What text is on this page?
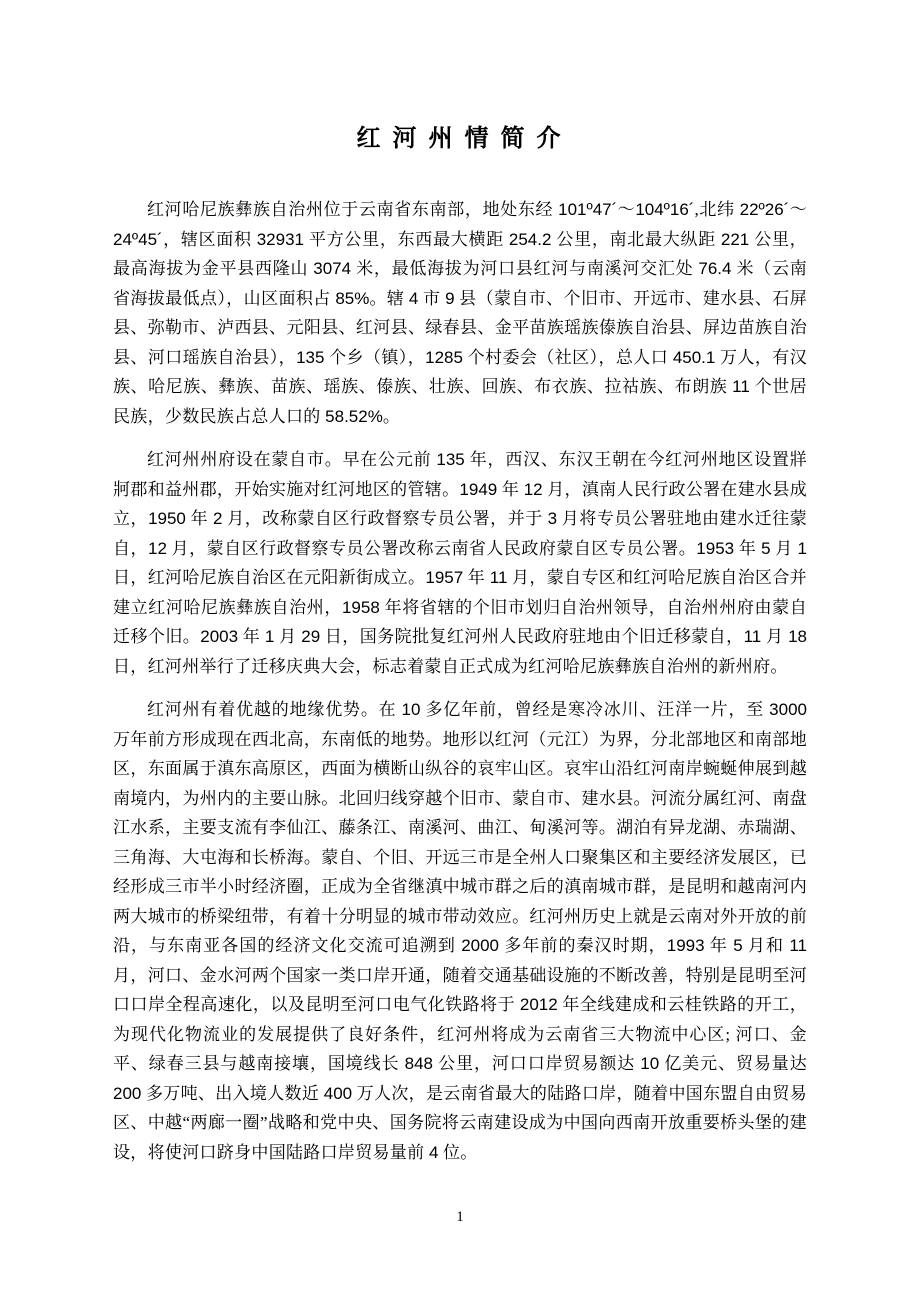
红 河 州 情 简 介

红河哈尼族彝族自治州位于云南省东南部，地处东经 101º47´～104º16´,北纬 22º26´～24º45´，辖区面积 32931 平方公里，东西最大横距 254.2 公里，南北最大纵距 221 公里，最高海拔为金平县西隆山 3074 米，最低海拔为河口县红河与南溪河交汇处 76.4 米（云南省海拔最低点），山区面积占 85%。辖 4 市 9 县（蒙自市、个旧市、开远市、建水县、石屏县、弥勒市、泸西县、元阳县、红河县、绿春县、金平苗族瑶族傣族自治县、屏边苗族自治县、河口瑶族自治县），135 个乡（镇），1285 个村委会（社区），总人口 450.1 万人，有汉族、哈尼族、彝族、苗族、瑶族、傣族、壮族、回族、布衣族、拉祜族、布朗族 11 个世居民族，少数民族占总人口的 58.52%。

红河州州府设在蒙自市。早在公元前 135 年，西汉、东汉王朝在今红河州地区设置牂牁郡和益州郡，开始实施对红河地区的管辖。1949 年 12 月，滇南人民行政公署在建水县成立，1950 年 2 月，改称蒙自区行政督察专员公署，并于 3 月将专员公署驻地由建水迁往蒙自，12 月，蒙自区行政督察专员公署改称云南省人民政府蒙自区专员公署。1953 年 5 月 1 日，红河哈尼族自治区在元阳新街成立。1957 年 11 月，蒙自专区和红河哈尼族自治区合并建立红河哈尼族彝族自治州，1958 年将省辖的个旧市划归自治州领导，自治州州府由蒙自迁移个旧。2003 年 1 月 29 日，国务院批复红河州人民政府驻地由个旧迁移蒙自，11 月 18 日，红河州举行了迁移庆典大会，标志着蒙自正式成为红河哈尼族彝族自治州的新州府。

红河州有着优越的地缘优势。在 10 多亿年前，曾经是寒冷冰川、汪洋一片，至 3000 万年前方形成现在西北高，东南低的地势。地形以红河（元江）为界，分北部地区和南部地区，东面属于滇东高原区，西面为横断山纵谷的哀牢山区。哀牢山沿红河南岸蜿蜒伸展到越南境内，为州内的主要山脉。北回归线穿越个旧市、蒙自市、建水县。河流分属红河、南盘江水系，主要支流有李仙江、藤条江、南溪河、曲江、甸溪河等。湖泊有异龙湖、赤瑞湖、三角海、大屯海和长桥海。蒙自、个旧、开远三市是全州人口聚集区和主要经济发展区，已经形成三市半小时经济圈，正成为全省继滇中城市群之后的滇南城市群，是昆明和越南河内两大城市的桥梁纽带，有着十分明显的城市带动效应。红河州历史上就是云南对外开放的前沿，与东南亚各国的经济文化交流可追溯到 2000 多年前的秦汉时期，1993 年 5 月和 11 月，河口、金水河两个国家一类口岸开通，随着交通基础设施的不断改善，特别是昆明至河口口岸全程高速化，以及昆明至河口电气化铁路将于 2012 年全线建成和云桂铁路的开工，为现代化物流业的发展提供了良好条件，红河州将成为云南省三大物流中心区; 河口、金平、绿春三县与越南接壤，国境线长 848 公里，河口口岸贸易额达 10 亿美元、贸易量达 200 多万吨、出入境人数近 400 万人次，是云南省最大的陆路口岸，随着中国东盟自由贸易区、中越“两廊一圈”战略和党中央、国务院将云南建设成为中国向西南开放重要桥头堡的建设，将使河口跻身中国陆路口岸贸易量前 4 位。

1
